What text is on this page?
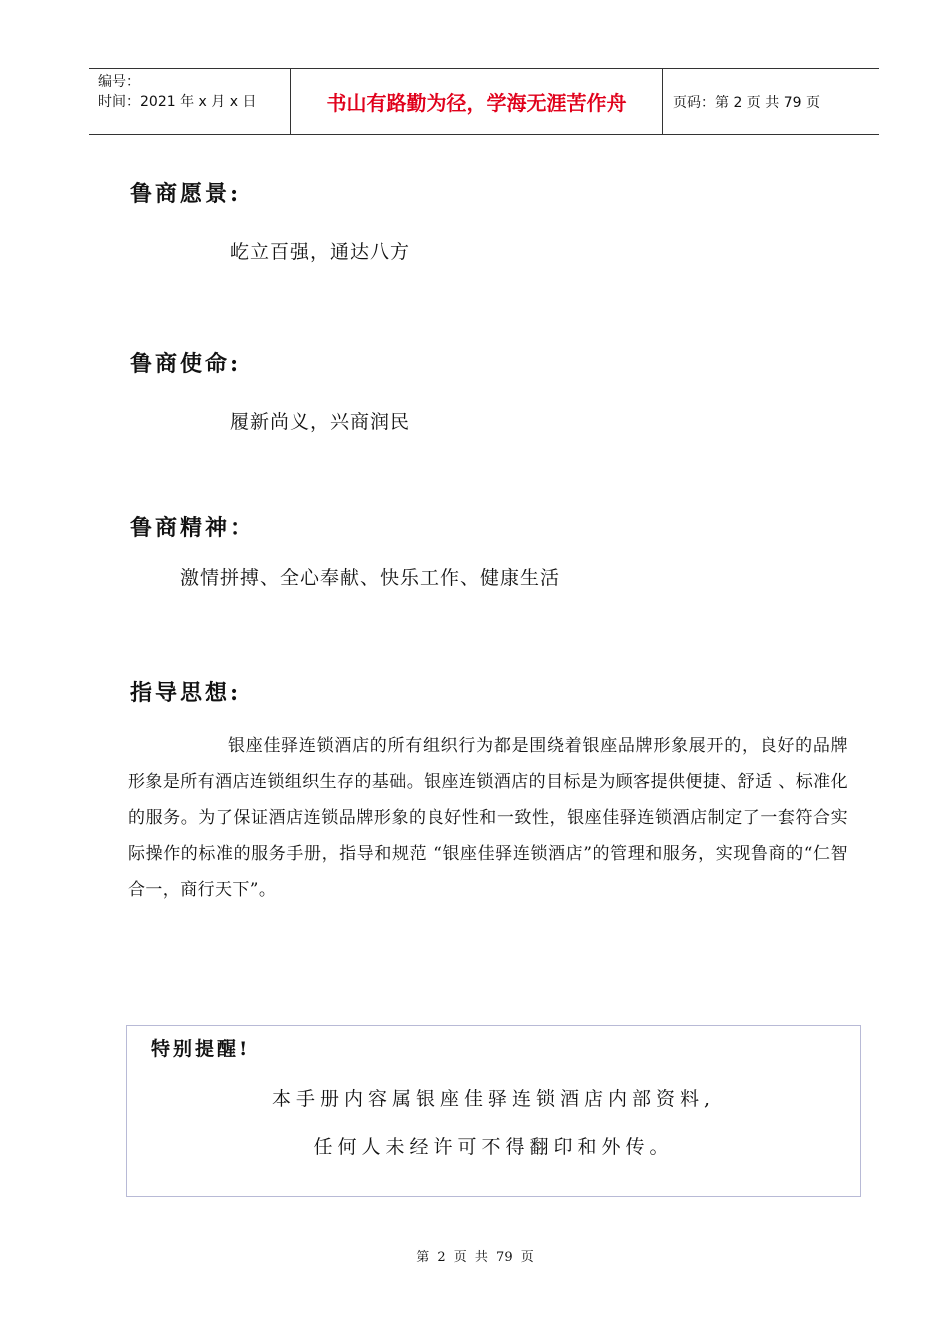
编号：
时间：2021 年 x 月 x 日	书山有路勤为径，学海无涯苦作舟	页码：第 2 页 共 79 页
鲁商愿景:
屹立百强，通达八方
鲁商使命:
履新尚义，兴商润民
鲁商精神：
激情拼搏、全心奉献、快乐工作、健康生活
指导思想:

银座佳驿连锁酒店的所有组织行为都是围绕着银座品牌形象展开的，良好的品牌形象是所有酒店连锁组织生存的基础。银座连锁酒店的目标是为顾客提供便捷、舒适 、标准化的服务。为了保证酒店连锁品牌形象的良好性和一致性，银座佳驿连锁酒店制定了一套符合实际操作的标准的服务手册，指导和规范 “银座佳驿连锁酒店”的管理和服务，实现鲁商的“仁智合一，商行天下”。

特别提醒!
本手册内容属银座佳驿连锁酒店内部资料,
任何人未经许可不得翻印和外传。
第 2 页 共 79 页
